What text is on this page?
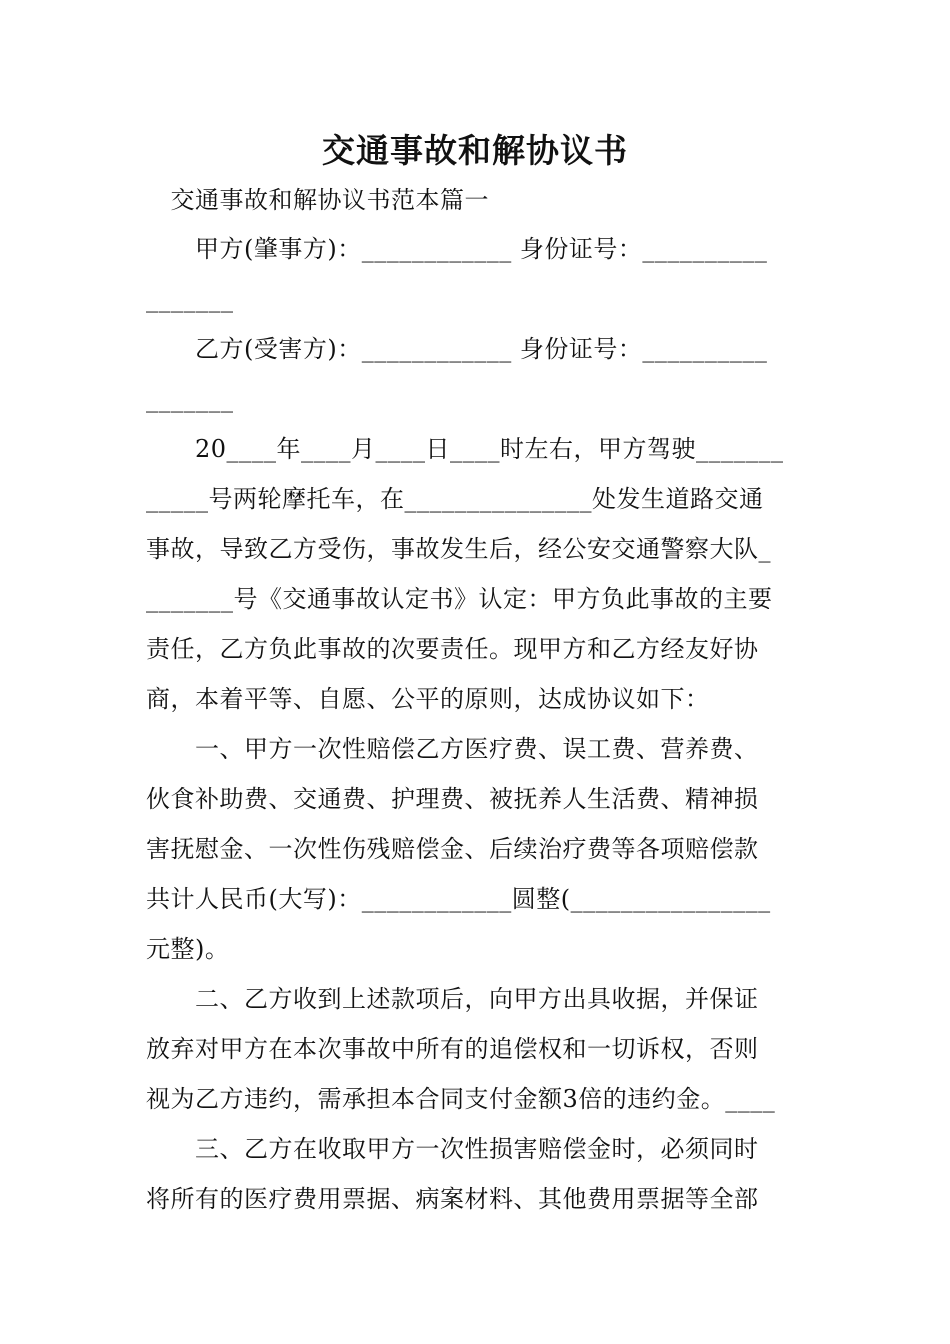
交通事故和解协议书
　交通事故和解协议书范本篇一
　　甲方(肇事方)：____________ 身份证号：__________
_______
　　乙方(受害方)：____________ 身份证号：__________
_______
　　20____年____月____日____时左右，甲方驾驶_______
_____号两轮摩托车，在_______________处发生道路交通
事故，导致乙方受伤，事故发生后，经公安交通警察大队_
_______号《交通事故认定书》认定：甲方负此事故的主要
责任，乙方负此事故的次要责任。现甲方和乙方经友好协
商，本着平等、自愿、公平的原则，达成协议如下：
　　一、甲方一次性赔偿乙方医疗费、误工费、营养费、
伙食补助费、交通费、护理费、被抚养人生活费、精神损
害抚慰金、一次性伤残赔偿金、后续治疗费等各项赔偿款
共计人民币(大写)：____________圆整(________________
元整)。
　　二、乙方收到上述款项后，向甲方出具收据，并保证
放弃对甲方在本次事故中所有的追偿权和一切诉权，否则
视为乙方违约，需承担本合同支付金额3倍的违约金。____
　　三、乙方在收取甲方一次性损害赔偿金时，必须同时
将所有的医疗费用票据、病案材料、其他费用票据等全部
